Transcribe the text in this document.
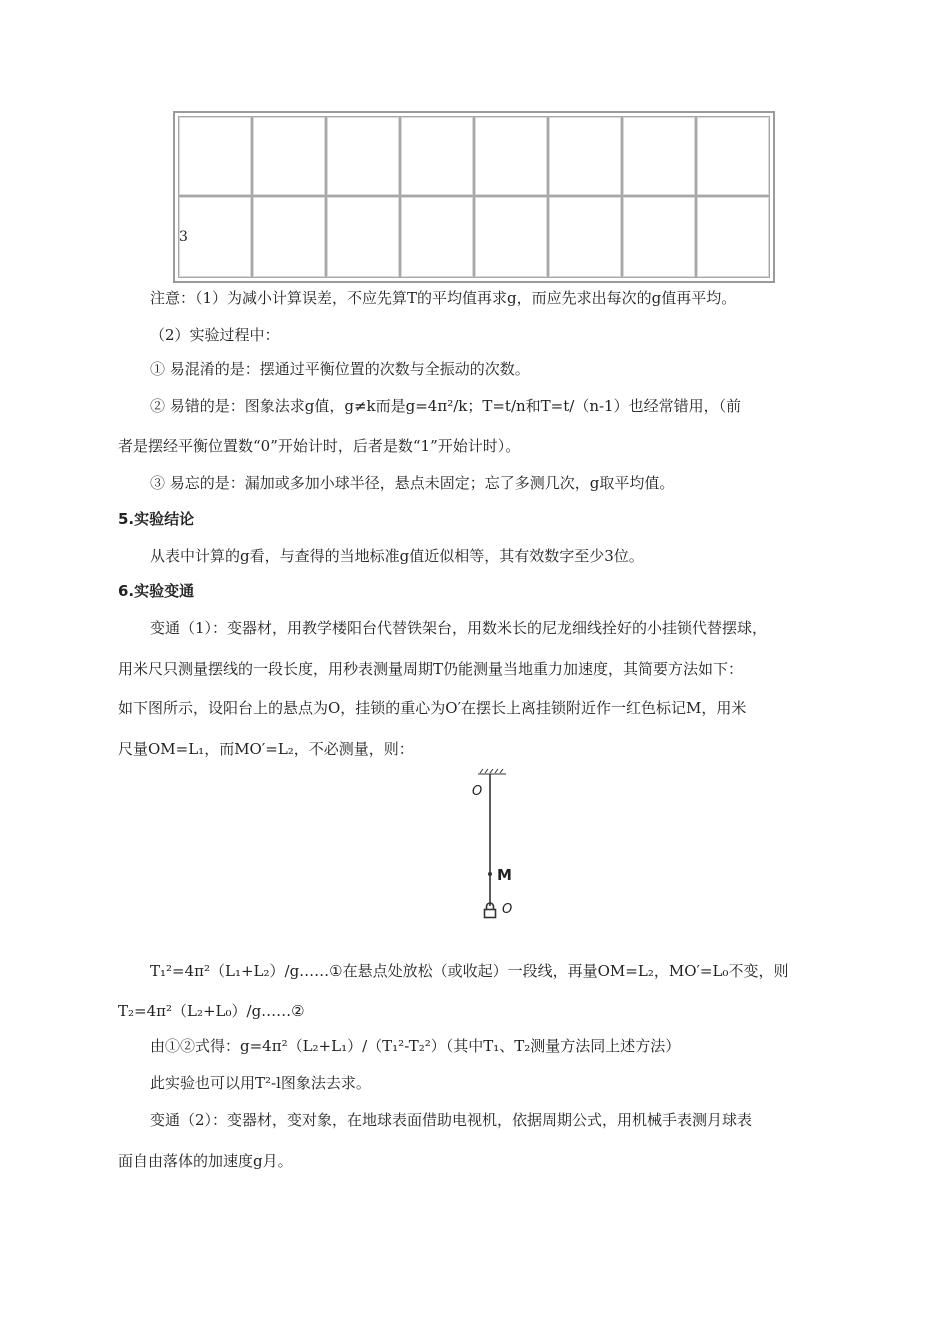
3							
注意：（1）为减小计算误差，不应先算T的平均值再求g，而应先求出每次的g值再平均。
（2）实验过程中：
① 易混淆的是：摆通过平衡位置的次数与全振动的次数。
② 易错的是：图象法求g值，g≠k而是g=4π²/k；T=t/n和T=t/（n-1）也经常错用，（前
者是摆经平衡位置数“0”开始计时，后者是数“1”开始计时）。
③ 易忘的是：漏加或多加小球半径，悬点未固定；忘了多测几次，g取平均值。
5.实验结论
从表中计算的g看，与查得的当地标准g值近似相等，其有效数字至少3位。
6.实验变通
变通（1）：变器材，用教学楼阳台代替铁架台，用数米长的尼龙细线拴好的小挂锁代替摆球，
用米尺只测量摆线的一段长度，用秒表测量周期T仍能测量当地重力加速度，其简要方法如下：
如下图所示，设阳台上的悬点为O，挂锁的重心为O′在摆长上离挂锁附近作一红色标记M，用米
尺量OM=L₁，而MO′=L₂，不必测量，则：
O
M
O
T₁²=4π²（L₁+L₂）/g……①在悬点处放松（或收起）一段线，再量OM=L₂，MO′=L₀不变，则
T₂=4π²（L₂+L₀）/g……②
由①②式得：g=4π²（L₂+L₁）/（T₁²-T₂²）（其中T₁、T₂测量方法同上述方法）
此实验也可以用T²-l图象法去求。
变通（2）：变器材，变对象，在地球表面借助电视机，依据周期公式，用机械手表测月球表
面自由落体的加速度g月。
